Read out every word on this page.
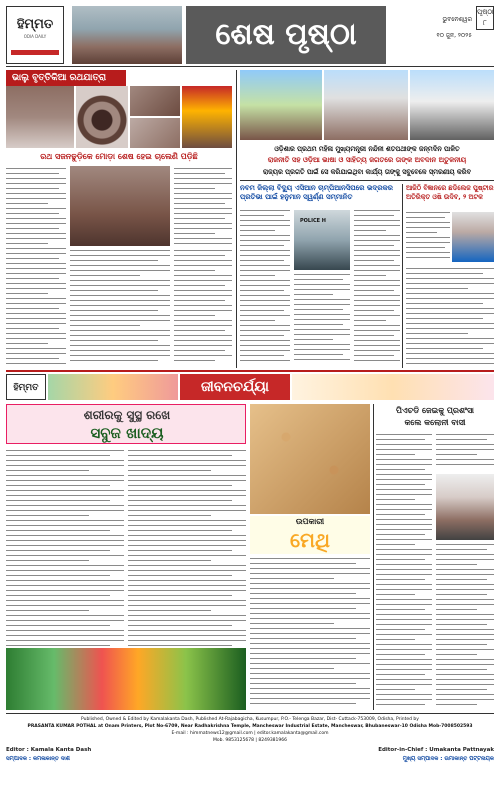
ହିମ୍ମତ
ODIA DAILY	ଶେଷ ପୃଷ୍ଠା	ଭୁବନେଶ୍ୱର
୧୦ ଜୁନ, ୨୦୨୫
ପୃଷ୍ଠା
୮
ଭାଲୁ ବୃତ୍ତିକିଆ ରଥଯାତ୍ରା
ରଥ ସଜନଢୁଡ଼ିକେ ମୋଡ଼ା ଶେଷ ହେଇ ଚାଲେଣି ପଡ଼ିଛି
ଓଡ଼ିଶାର ପ୍ରଥମ ମହିଳା ମୁଖ୍ୟମନ୍ତ୍ରୀ ନନ୍ଦିନୀ ଶତପଥୀଙ୍କ ଜନ୍ମଦିନ ପାଳିତ
ରାଜନୀତି ସହ ଓଡ଼ିଆ ଭାଷା ଓ ସାହିତ୍ୟ ଜଗତରେ ତାଙ୍କ ଅବଦାନ ଅତୁଳନୀୟ
ରାଜ୍ୟର ପ୍ରଗତି ପାଇଁ ସେ କରିଯାଇଥିବା କାର୍ଯ୍ୟ ତାଙ୍କୁ ସବୁବେଳେ ସ୍ମରଣୀୟ କରିବ
ନବମ ଜିଲ୍ଲା ବିଦ୍ୟୁ ଏସିଆନ ଚାମ୍ପିଆନସିପରେ ଭଦ୍ରକର ପ୍ରତିଭା ପାଇଁ ହନୁମାନ ସ୍ୱର୍ଣ୍ଣ ସମ୍ମାନିତ
POLICE H
ଆଜିଠି ବିଜ୍ଞାନରେ ଛଡିଲେଜ ପୁଷ୍ଟୀର ଅତିରିକ୍ତ ଓଷି ଉଦିବ, ୨ ଅଟକ
ହିମ୍ମତ	ଜୀବନଚର୍ଯ୍ୟା
ଶରୀରକୁ ସୁସ୍ଥ ରଖେ
ସବୁଜ ଖାଦ୍ୟ
ଉପକାରୀ
ମେଥି
ପିଏଚଡି ଜେଇକୁ ପ୍ରଶଂସା
କଲେ କଲୋନୀ ବାସୀ
Published, Owned & Edited by Kamalakanta Dash, Published At-Rajabagicha, Kusumpur, P.O.- Telenga Bazar, Dist- Cuttack-753009, Odisha, Printed by
PRASANTA KUMAR POTHAL at Onam Printers, Plot No-6709, Near Radhakrishna Temple, Mancheswar Industrial Estate, Mancheswar, Bhubaneswar-10 Odisha Mob-7008502593
E-mail : himmatnews12@gmail.com | editor.kamalakanta@gmail.com
Mob. 9853125678 | 8249381966
Editor : Kamala Kanta Dash
ସମ୍ପାଦକ : କମଳାକାନ୍ତ ଦାଶ
Editor-in-Chief : Umakanta Pattnayak
ମୁଖ୍ୟ ସମ୍ପାଦକ : ଉମାକାନ୍ତ ପଟ୍ଟନାୟକ
